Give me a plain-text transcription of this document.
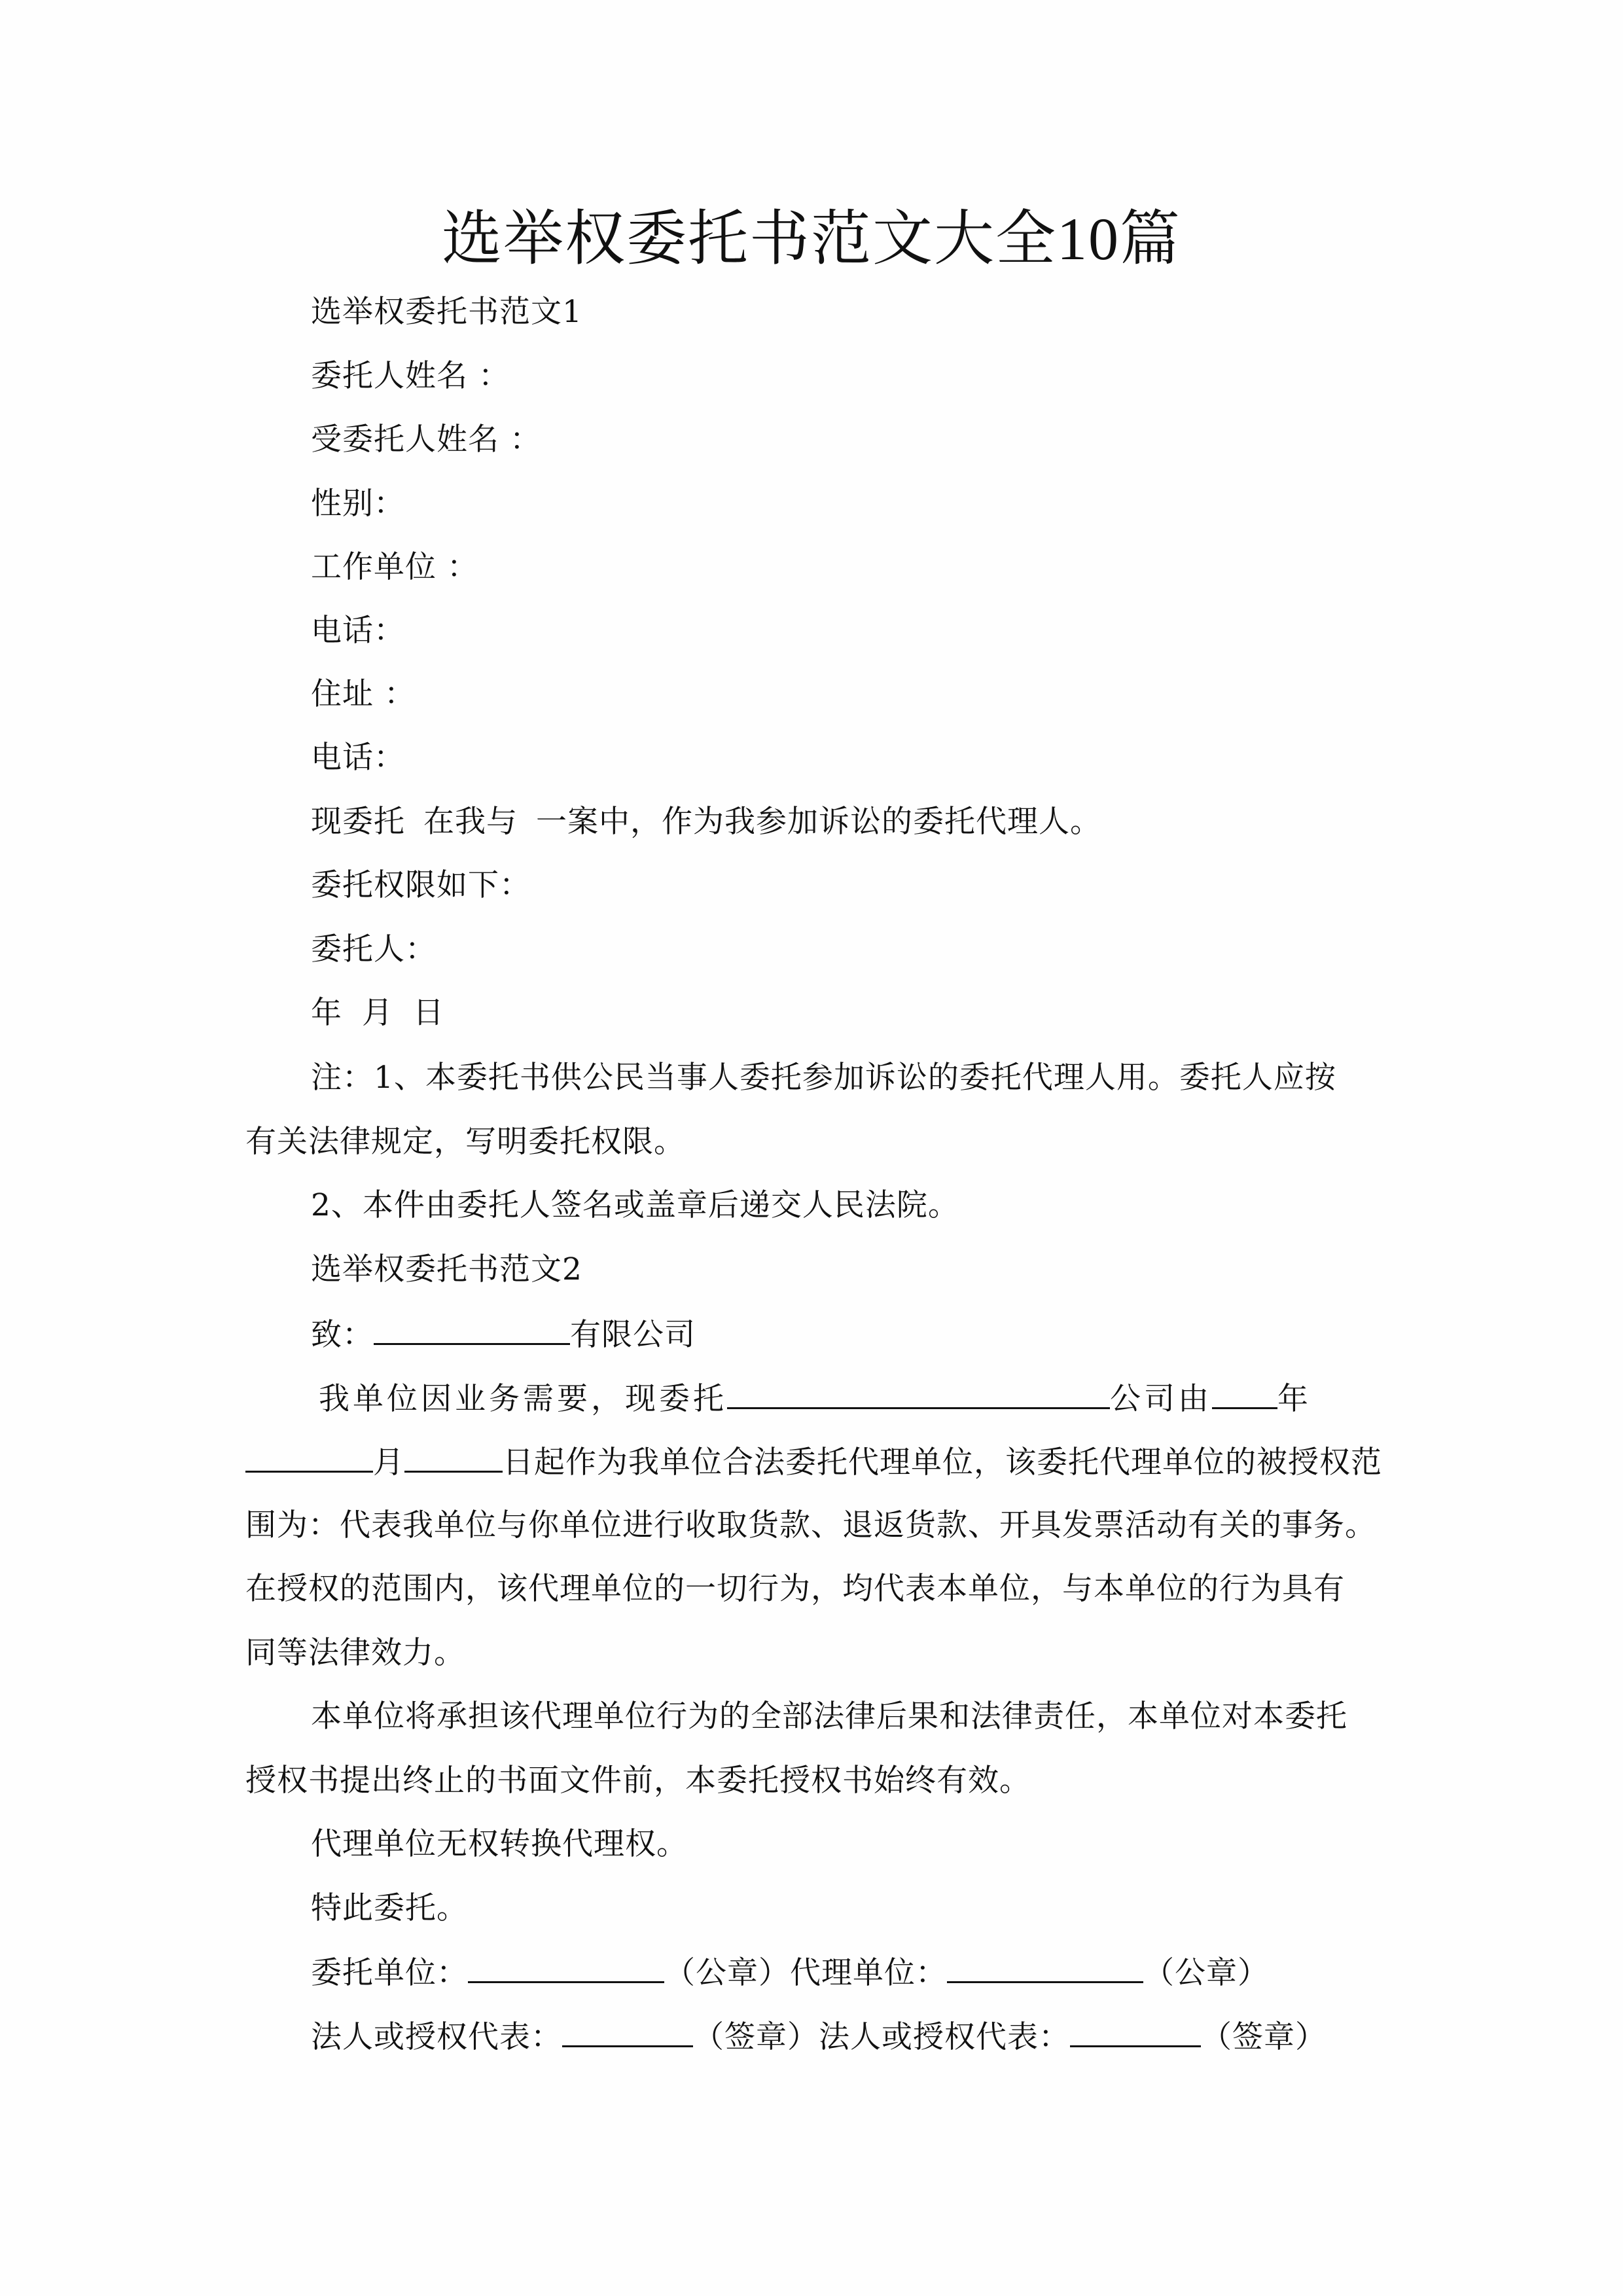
选举权委托书范文大全10篇
选举权委托书范文1
委托人姓名 ：
受委托人姓名 ：
性别：
工作单位 ：
电话：
住址 ：
电话：
现委托 在我与 一案中，作为我参加诉讼的委托代理人。
委托权限如下：
委托人：
年 月 日
注：1、本委托书供公民当事人委托参加诉讼的委托代理人用。委托人应按
有关法律规定，写明委托权限。
2、本件由委托人签名或盖章后递交人民法院。
选举权委托书范文2
致：	有限公司
我单位因业务需要，现委托	公司由 年
月	日起作为我单位合法委托代理单位，该委托代理单位的被授权范
围为：代表我单位与你单位进行收取货款、退返货款、开具发票活动有关的事务。
在授权的范围内，该代理单位的一切行为，均代表本单位，与本单位的行为具有
同等法律效力。
本单位将承担该代理单位行为的全部法律后果和法律责任，本单位对本委托
授权书提出终止的书面文件前，本委托授权书始终有效。
代理单位无权转换代理权。
特此委托。
委托单位：	（公章）代理单位：	（公章）
法人或授权代表：	（签章）法人或授权代表：	（签章）
